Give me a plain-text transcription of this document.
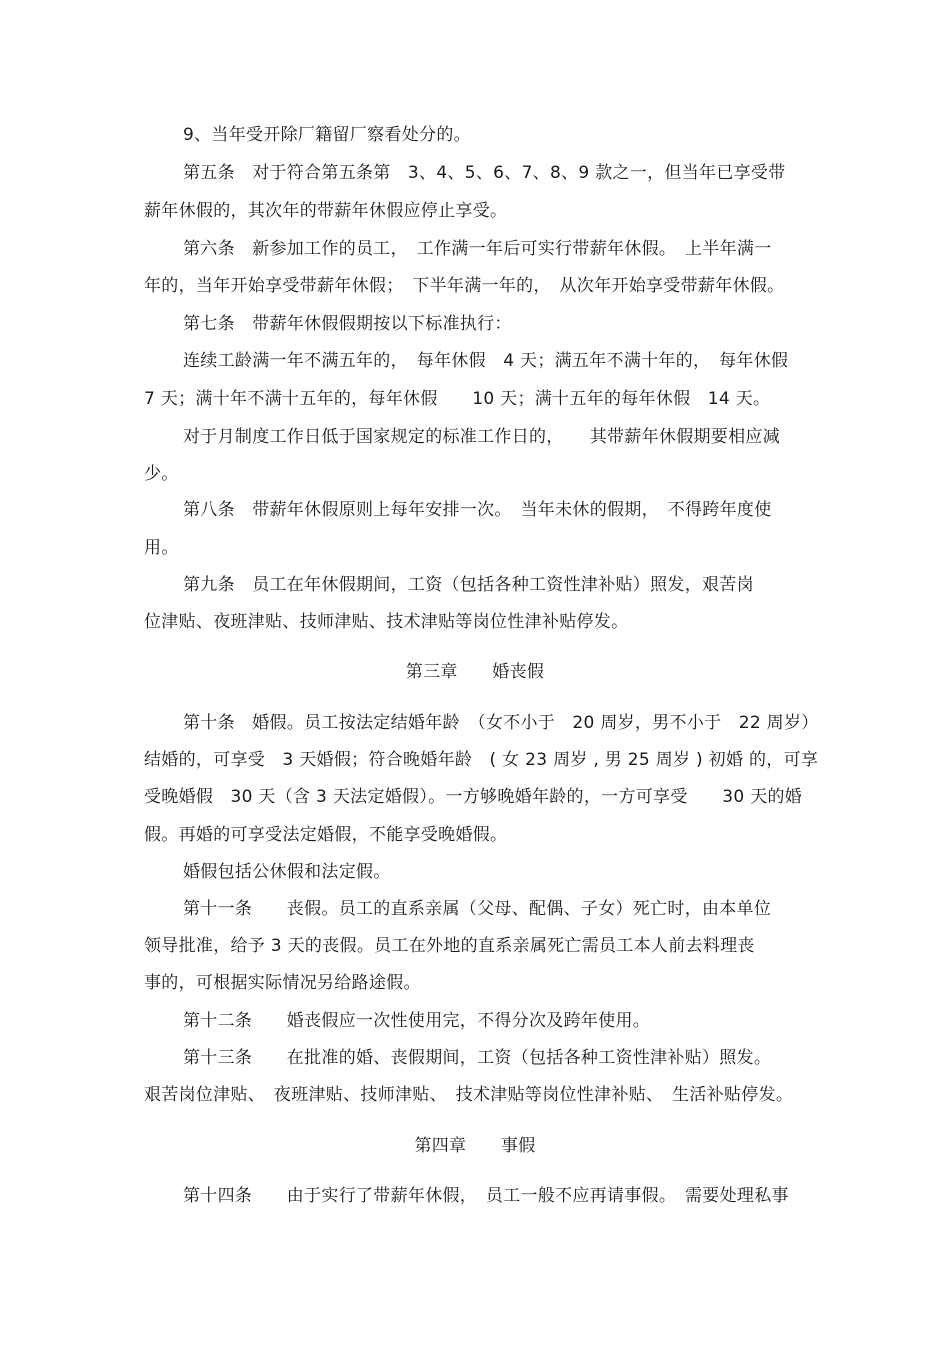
9、当年受开除厂籍留厂察看处分的。
第五条　对于符合第五条第　3、4、5、6、7、8、9 款之一，但当年已享受带
薪年休假的，其次年的带薪年休假应停止享受。
第六条　新参加工作的员工，　工作满一年后可实行带薪年休假。　上半年满一
年的，当年开始享受带薪年休假；　下半年满一年的，　从次年开始享受带薪年休假。
第七条　带薪年休假假期按以下标准执行：
连续工龄满一年不满五年的，　每年休假　4 天；满五年不满十年的，　每年休假
7 天；满十年不满十五年的，每年休假　　10 天；满十五年的每年休假　14 天。
对于月制度工作日低于国家规定的标准工作日的，　　其带薪年休假期要相应减
少。
第八条　带薪年休假原则上每年安排一次。　当年未休的假期，　不得跨年度使
用。
第九条　员工在年休假期间，工资（包括各种工资性津补贴）照发，艰苦岗
位津贴、夜班津贴、技师津贴、技术津贴等岗位性津补贴停发。
第三章　　婚丧假
第十条　婚假。员工按法定结婚年龄　（女不小于　20 周岁，男不小于　22 周岁）
结婚的，可享受　3 天婚假；符合晚婚年龄　( 女 23 周岁 , 男 25 周岁 ) 初婚 的，可享
受晚婚假　30 天（含 3 天法定婚假）。一方够晚婚年龄的，一方可享受　　30 天的婚
假。再婚的可享受法定婚假，不能享受晚婚假。
婚假包括公休假和法定假。
第十一条　　丧假。员工的直系亲属（父母、配偶、子女）死亡时，由本单位
领导批准，给予 3 天的丧假。员工在外地的直系亲属死亡需员工本人前去料理丧
事的，可根据实际情况另给路途假。
第十二条　　婚丧假应一次性使用完，不得分次及跨年使用。
第十三条　　在批准的婚、丧假期间，工资（包括各种工资性津补贴）照发。
艰苦岗位津贴、　夜班津贴、技师津贴、　技术津贴等岗位性津补贴、　生活补贴停发。
第四章　　事假
第十四条　　由于实行了带薪年休假，　员工一般不应再请事假。　需要处理私事
